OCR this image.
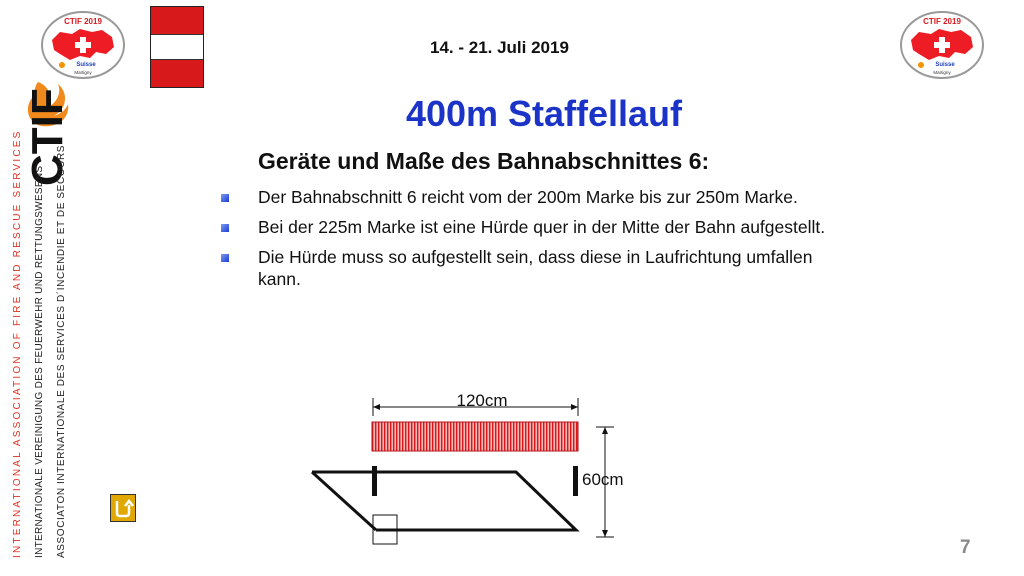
CTIF 2019
Suisse
Martigny
CTIF 2019
Suisse
Martigny
CTIF
INTERNATIONAL ASSOCIATION OF FIRE AND RESCUE SERVICES INTERNATIONALE VEREINIGUNG DES FEUERWEHR UND RETTUNGSWESENS ASSOCIATON INTERNATIONALE DES SERVICES D´INCENDIE ET DE SECOURS
14. - 21. Juli 2019
400m Staffellauf
Geräte und Maße des Bahnabschnittes 6:
Der Bahnabschnitt 6 reicht vom der 200m Marke bis zur 250m Marke.
Bei der 225m Marke ist eine Hürde quer in der Mitte der Bahn aufgestellt.
Die Hürde muss so aufgestellt sein, dass diese in Laufrichtung umfallen kann.
120cm
60cm
7
